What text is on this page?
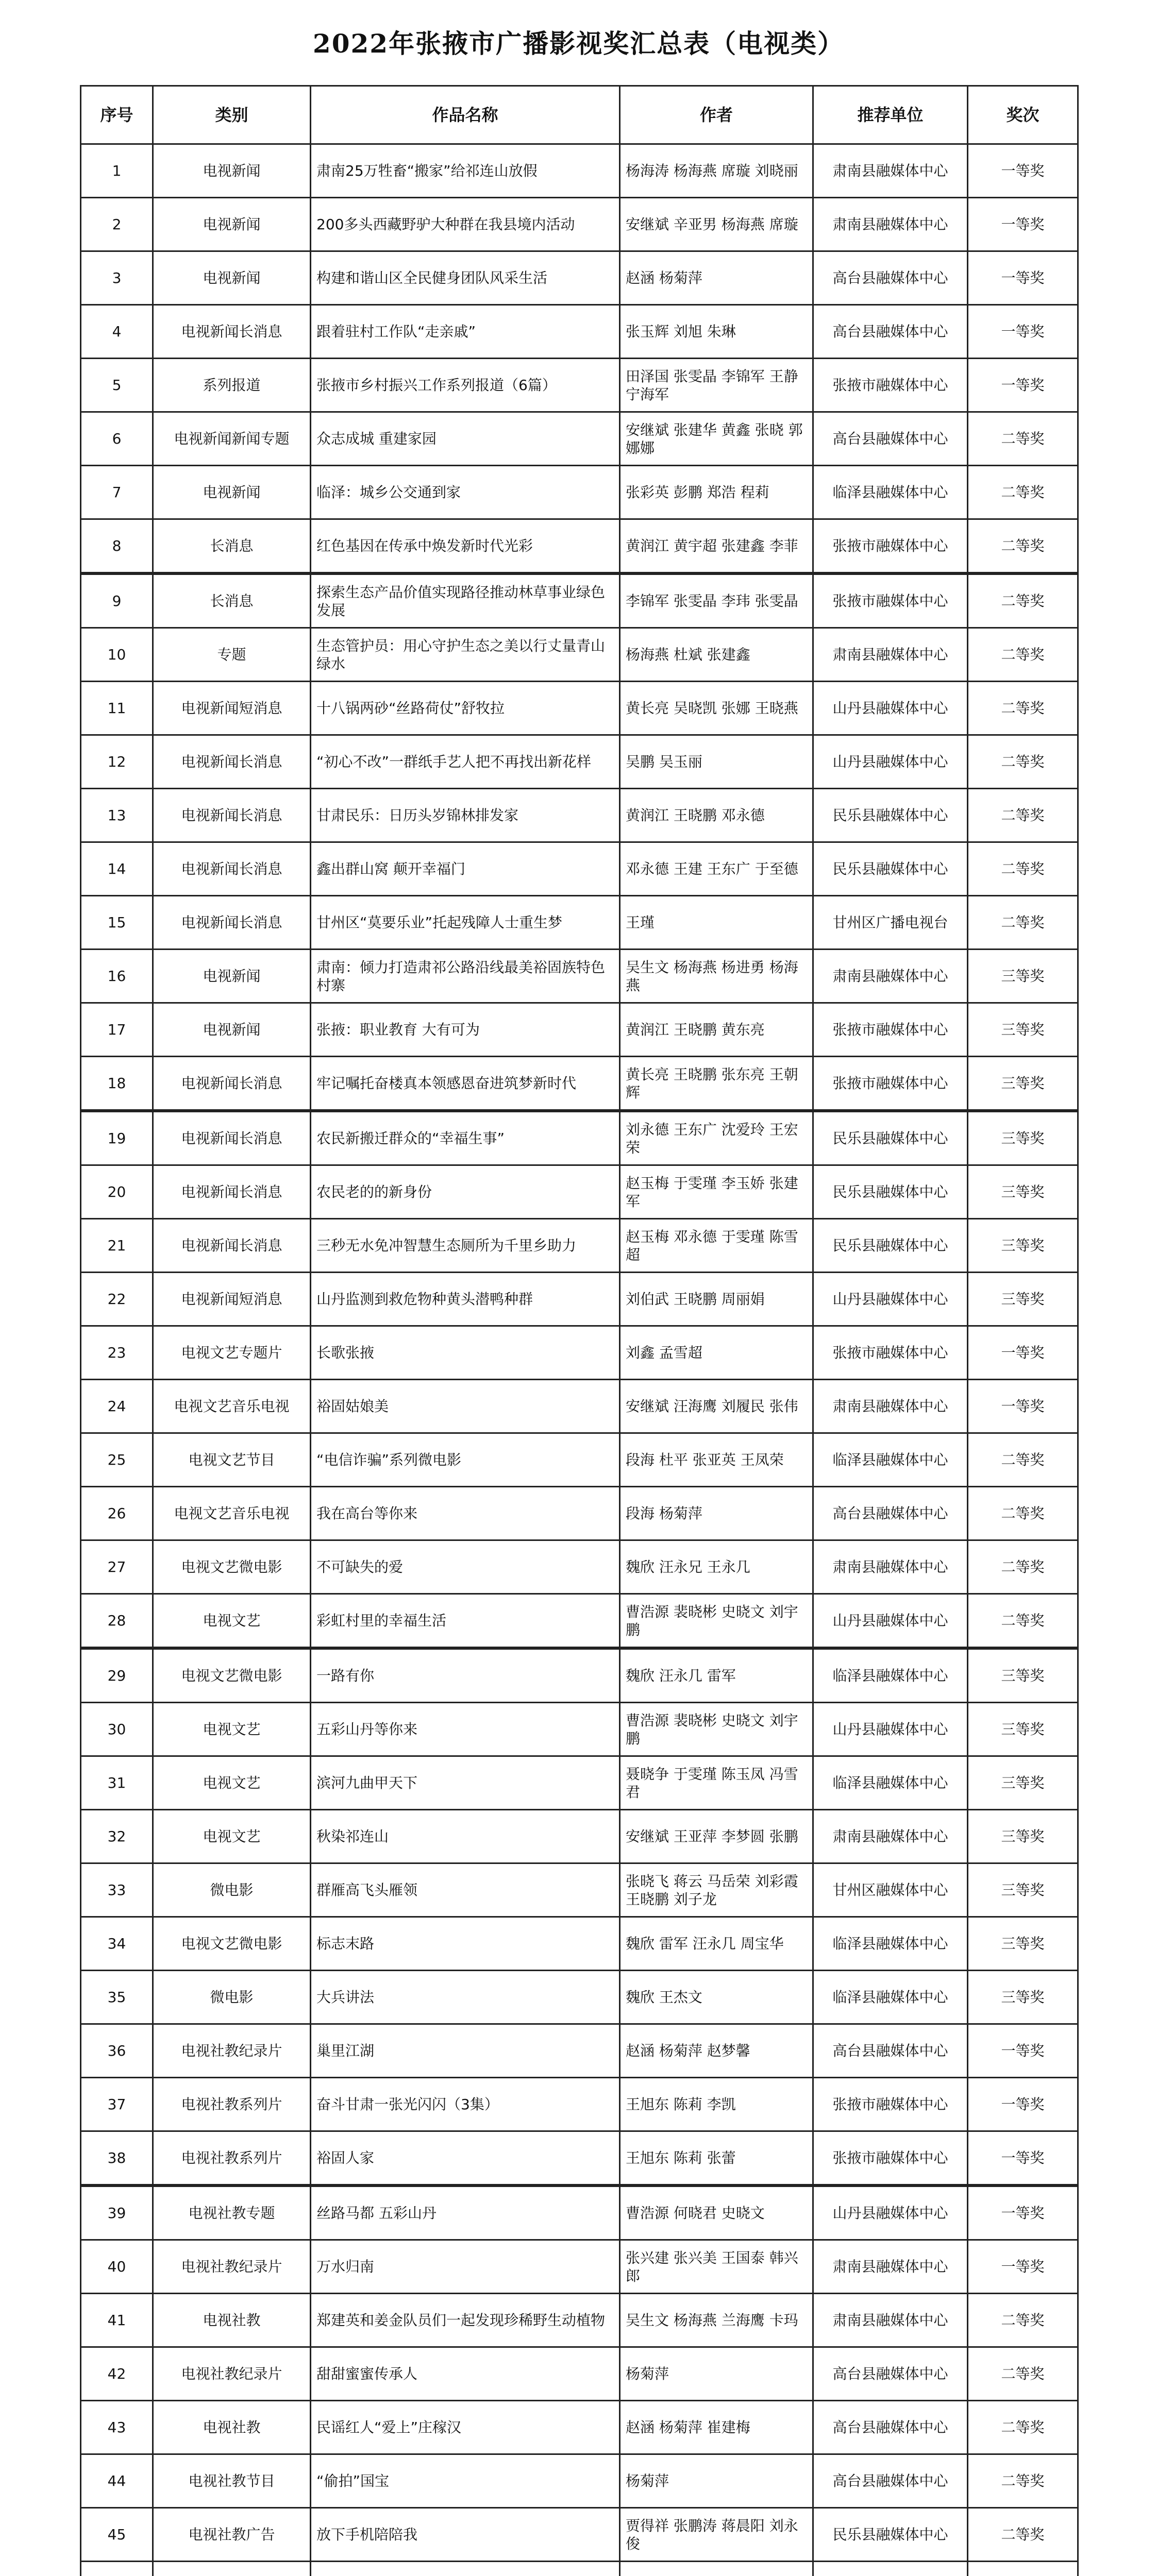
2022年张掖市广播影视奖汇总表（电视类）
序号	类别	作品名称	作者	推荐单位	奖次
1	电视新闻	肃南25万牲畜“搬家”给祁连山放假	杨海涛 杨海燕 席璇 刘晓丽	肃南县融媒体中心	一等奖
2	电视新闻	200多头西藏野驴大种群在我县境内活动	安继斌 辛亚男 杨海燕 席璇	肃南县融媒体中心	一等奖
3	电视新闻	构建和谐山区全民健身团队风采生活	赵涵 杨菊萍	高台县融媒体中心	一等奖
4	电视新闻长消息	跟着驻村工作队“走亲戚”	张玉辉 刘旭 朱琳	高台县融媒体中心	一等奖
5	系列报道	张掖市乡村振兴工作系列报道（6篇）	田泽国 张雯晶 李锦军 王静 宁海军	张掖市融媒体中心	一等奖
6	电视新闻新闻专题	众志成城 重建家园	安继斌 张建华 黄鑫 张晓 郭娜娜	高台县融媒体中心	二等奖
7	电视新闻	临泽：城乡公交通到家	张彩英 彭鹏 郑浩 程莉	临泽县融媒体中心	二等奖
8	长消息	红色基因在传承中焕发新时代光彩	黄润江 黄宇超 张建鑫 李菲	张掖市融媒体中心	二等奖
9	长消息	探索生态产品价值实现路径推动林草事业绿色发展	李锦军 张雯晶 李玮 张雯晶	张掖市融媒体中心	二等奖
10	专题	生态管护员：用心守护生态之美以行丈量青山绿水	杨海燕 杜斌 张建鑫	肃南县融媒体中心	二等奖
11	电视新闻短消息	十八锅两砂“丝路荷仗”舒牧拉	黄长亮 吴晓凯 张娜 王晓燕	山丹县融媒体中心	二等奖
12	电视新闻长消息	“初心不改”一群纸手艺人把不再找出新花样	吴鹏 吴玉丽	山丹县融媒体中心	二等奖
13	电视新闻长消息	甘肃民乐：日历头岁锦林排发家	黄润江 王晓鹏 邓永德	民乐县融媒体中心	二等奖
14	电视新闻长消息	鑫出群山窝 颠开幸福门	邓永德 王建 王东广 于至德	民乐县融媒体中心	二等奖
15	电视新闻长消息	甘州区“莫要乐业”托起残障人士重生梦	王瑾	甘州区广播电视台	二等奖
16	电视新闻	肃南：倾力打造肃祁公路沿线最美裕固族特色村寨	吴生文 杨海燕 杨进勇 杨海燕	肃南县融媒体中心	三等奖
17	电视新闻	张掖：职业教育 大有可为	黄润江 王晓鹏 黄东亮	张掖市融媒体中心	三等奖
18	电视新闻长消息	牢记嘱托奋楼真本领感恩奋进筑梦新时代	黄长亮 王晓鹏 张东亮 王朝辉	张掖市融媒体中心	三等奖
19	电视新闻长消息	农民新搬迁群众的“幸福生事”	刘永德 王东广 沈爱玲 王宏荣	民乐县融媒体中心	三等奖
20	电视新闻长消息	农民老的的新身份	赵玉梅 于雯瑾 李玉娇 张建军	民乐县融媒体中心	三等奖
21	电视新闻长消息	三秒无水免冲智慧生态厕所为千里乡助力	赵玉梅 邓永德 于雯瑾 陈雪超	民乐县融媒体中心	三等奖
22	电视新闻短消息	山丹监测到救危物种黄头潜鸭种群	刘伯武 王晓鹏 周丽娟	山丹县融媒体中心	三等奖
23	电视文艺专题片	长歌张掖	刘鑫 孟雪超	张掖市融媒体中心	一等奖
24	电视文艺音乐电视	裕固姑娘美	安继斌 汪海鹰 刘履民 张伟	肃南县融媒体中心	一等奖
25	电视文艺节目	“电信诈骗”系列微电影	段海 杜平 张亚英 王凤荣	临泽县融媒体中心	二等奖
26	电视文艺音乐电视	我在高台等你来	段海 杨菊萍	高台县融媒体中心	二等奖
27	电视文艺微电影	不可缺失的爱	魏欣 汪永兄 王永几	肃南县融媒体中心	二等奖
28	电视文艺	彩虹村里的幸福生活	曹浩源 裴晓彬 史晓文 刘宇鹏	山丹县融媒体中心	二等奖
29	电视文艺微电影	一路有你	魏欣 汪永几 雷军	临泽县融媒体中心	三等奖
30	电视文艺	五彩山丹等你来	曹浩源 裴晓彬 史晓文 刘宇鹏	山丹县融媒体中心	三等奖
31	电视文艺	滨河九曲甲天下	聂晓争 于雯瑾 陈玉凤 冯雪君	临泽县融媒体中心	三等奖
32	电视文艺	秋染祁连山	安继斌 王亚萍 李梦圆 张鹏	肃南县融媒体中心	三等奖
33	微电影	群雁高飞头雁领	张晓飞 蒋云 马岳荣 刘彩霞 王晓鹏 刘子龙	甘州区融媒体中心	三等奖
34	电视文艺微电影	标志末路	魏欣 雷军 汪永几 周宝华	临泽县融媒体中心	三等奖
35	微电影	大兵讲法	魏欣 王杰文	临泽县融媒体中心	三等奖
36	电视社教纪录片	巢里江湖	赵涵 杨菊萍 赵梦馨	高台县融媒体中心	一等奖
37	电视社教系列片	奋斗甘肃一张光闪闪（3集）	王旭东 陈莉 李凯	张掖市融媒体中心	一等奖
38	电视社教系列片	裕固人家	王旭东 陈莉 张蕾	张掖市融媒体中心	一等奖
39	电视社教专题	丝路马都 五彩山丹	曹浩源 何晓君 史晓文	山丹县融媒体中心	一等奖
40	电视社教纪录片	万水归南	张兴建 张兴美 王国泰 韩兴郎	肃南县融媒体中心	一等奖
41	电视社教	郑建英和姜金队员们一起发现珍稀野生动植物	吴生文 杨海燕 兰海鹰 卡玛	肃南县融媒体中心	二等奖
42	电视社教纪录片	甜甜蜜蜜传承人	杨菊萍	高台县融媒体中心	二等奖
43	电视社教	民谣红人“爱上”庄稼汉	赵涵 杨菊萍 崔建梅	高台县融媒体中心	二等奖
44	电视社教节目	“偷拍”国宝	杨菊萍	高台县融媒体中心	二等奖
45	电视社教广告	放下手机陪陪我	贾得祥 张鹏涛 蒋晨阳 刘永俊	民乐县融媒体中心	二等奖
